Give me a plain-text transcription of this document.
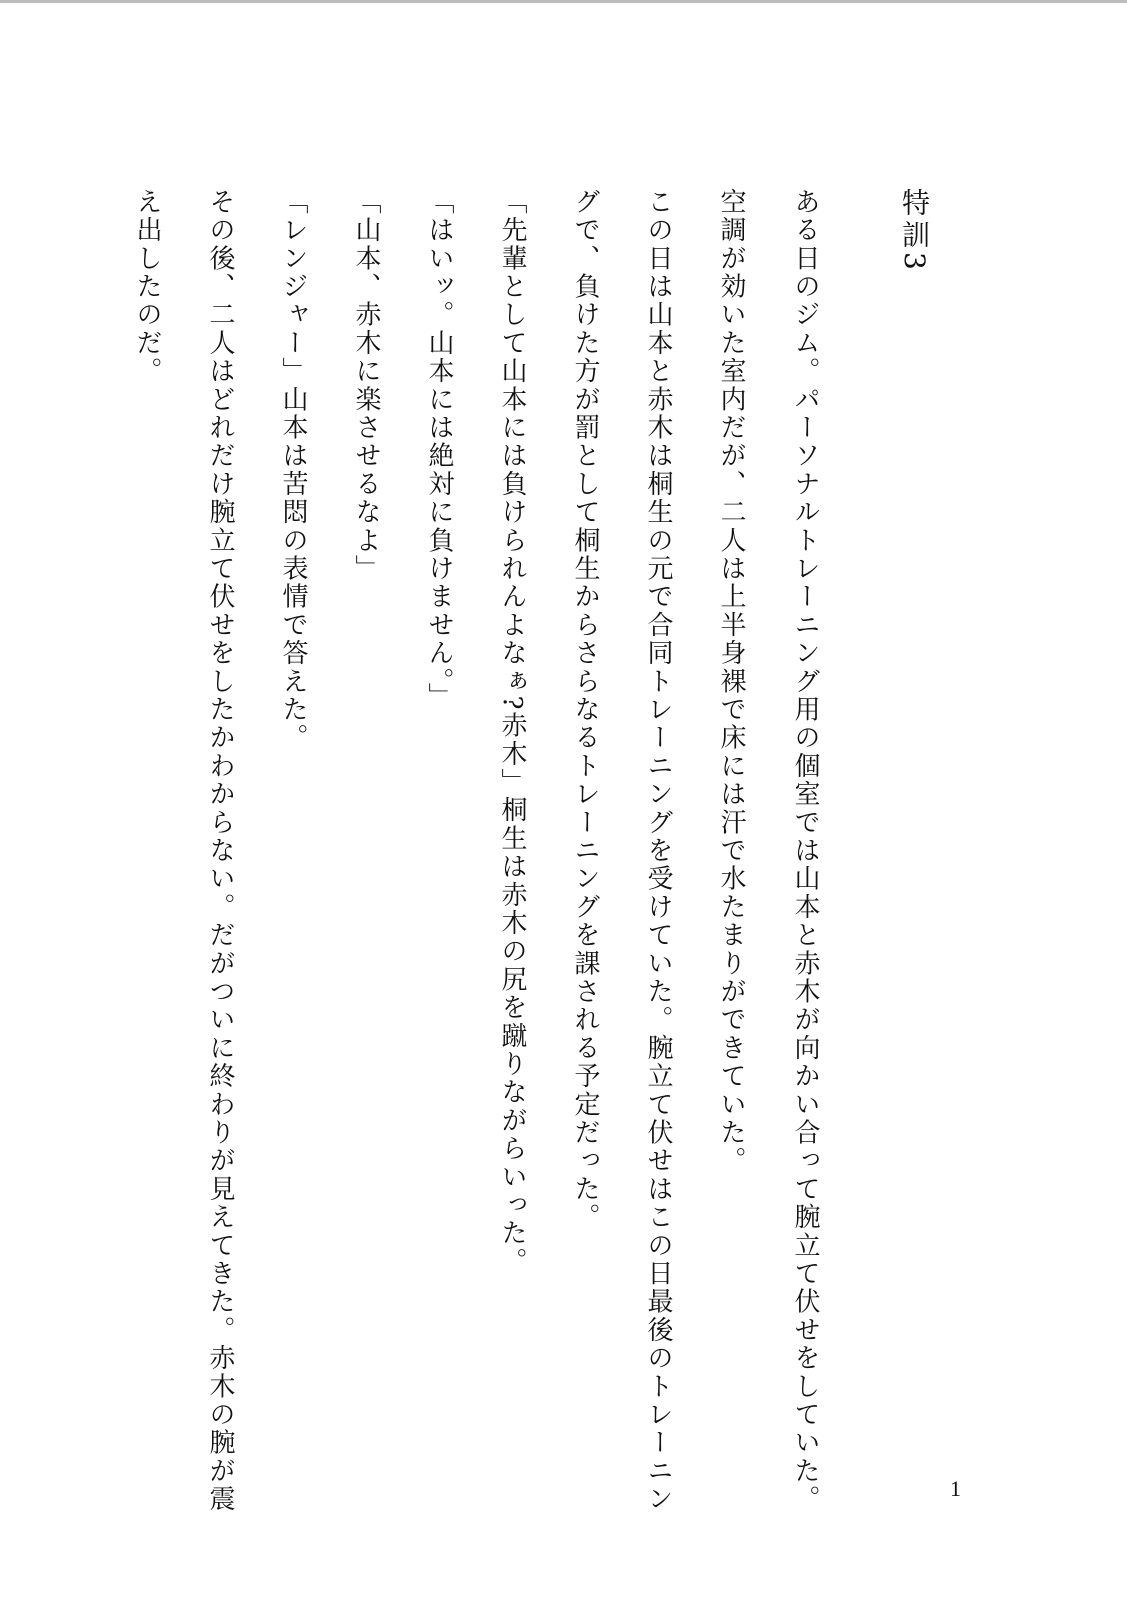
特訓3
ある日のジム。パーソナルトレーニング用の個室では山本と赤木が向かい合って腕立て伏せをしていた。
空調が効いた室内だが、二人は上半身裸で床には汗で水たまりができていた。
この日は山本と赤木は桐生の元で合同トレーニングを受けていた。腕立て伏せはこの日最後のトレーニン
グで、負けた方が罰として桐生からさらなるトレーニングを課される予定だった。
「先輩として山本には負けられんよなぁ?赤木」桐生は赤木の尻を蹴りながらいった。
「はいッ。山本には絶対に負けません。」
「山本、赤木に楽させるなよ」
「レンジャー」山本は苦悶の表情で答えた。
その後、二人はどれだけ腕立て伏せをしたかわからない。だがついに終わりが見えてきた。赤木の腕が震
え出したのだ。
1
